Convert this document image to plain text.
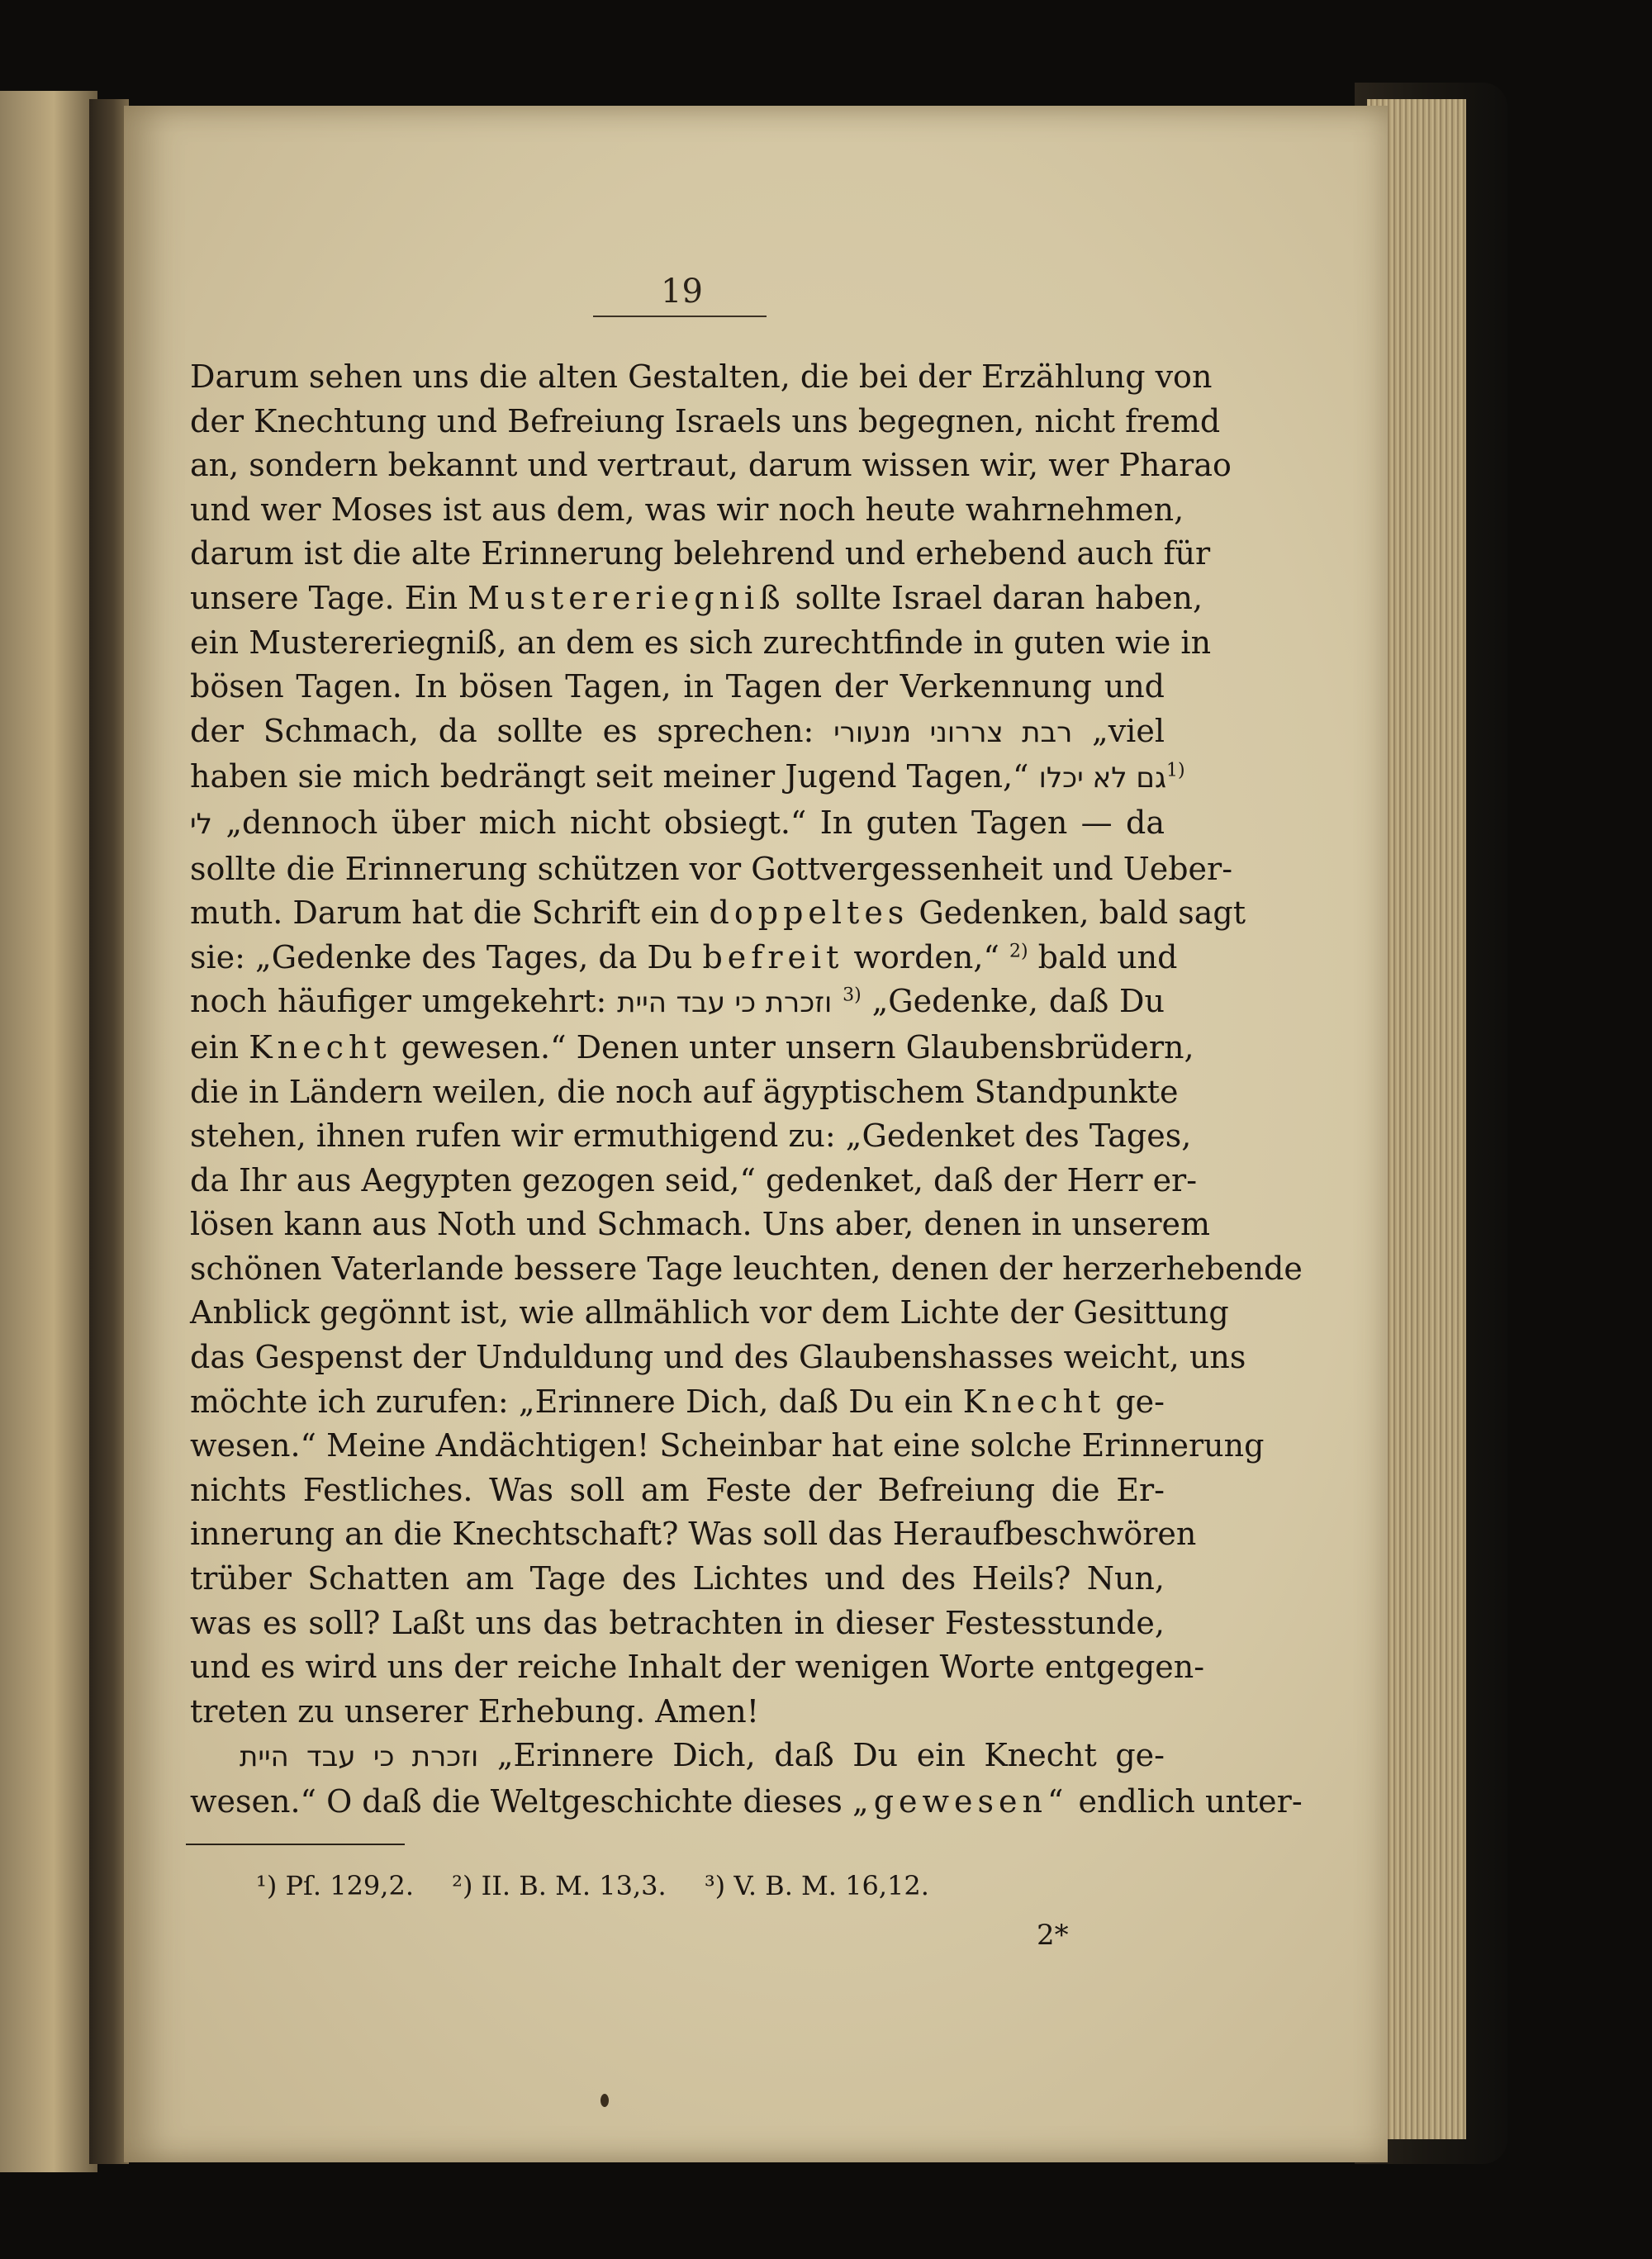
19
Darum sehen uns die alten Gestalten, die bei der Erzählung von
der Knechtung und Befreiung Israels uns begegnen, nicht fremd
an, sondern bekannt und vertraut, darum wissen wir, wer Pharao
und wer Moses ist aus dem, was wir noch heute wahrnehmen,
darum ist die alte Erinnerung belehrend und erhebend auch für
unsere Tage. Ein Mustereriegniß sollte Israel daran haben,
ein Mustereriegniß, an dem es sich zurechtfinde in guten wie in
bösen Tagen. In bösen Tagen, in Tagen der Verkennung und
der Schmach, da sollte es sprechen: רבת צררוני מנעורי „viel
haben sie mich bedrängt seit meiner Jugend Tagen,“ גם לא יכלו$^{1)}$
לי „dennoch über mich nicht obsiegt.“ In guten Tagen — da
sollte die Erinnerung schützen vor Gottvergessenheit und Ueber-
muth. Darum hat die Schrift ein doppeltes Gedenken, bald sagt
sie: „Gedenke des Tages, da Du befreit worden,“ $^{2)}$ bald und
noch häufiger umgekehrt: וזכרת כי עבד היית $^{3)}$ „Gedenke, daß Du
ein Knecht gewesen.“ Denen unter unsern Glaubensbrüdern,
die in Ländern weilen, die noch auf ägyptischem Standpunkte
stehen, ihnen rufen wir ermuthigend zu: „Gedenket des Tages,
da Ihr aus Aegypten gezogen seid,“ gedenket, daß der Herr er-
lösen kann aus Noth und Schmach. Uns aber, denen in unserem
schönen Vaterlande bessere Tage leuchten, denen der herzerhebende
Anblick gegönnt ist, wie allmählich vor dem Lichte der Gesittung
das Gespenst der Unduldung und des Glaubenshasses weicht, uns
möchte ich zurufen: „Erinnere Dich, daß Du ein Knecht ge-
wesen.“ Meine Andächtigen! Scheinbar hat eine solche Erinnerung
nichts Festliches. Was soll am Feste der Befreiung die Er-
innerung an die Knechtschaft? Was soll das Heraufbeschwören
trüber Schatten am Tage des Lichtes und des Heils? Nun,
was es soll? Laßt uns das betrachten in dieser Festesstunde,
und es wird uns der reiche Inhalt der wenigen Worte entgegen-
treten zu unserer Erhebung. Amen!
וזכרת כי עבד היית „Erinnere Dich, daß Du ein Knecht ge-
wesen.“ O daß die Weltgeschichte dieses „gewesen“ endlich unter-
¹) Pſ. 129,2. ²) II. B. M. 13,3. ³) V. B. M. 16,12.
2*
